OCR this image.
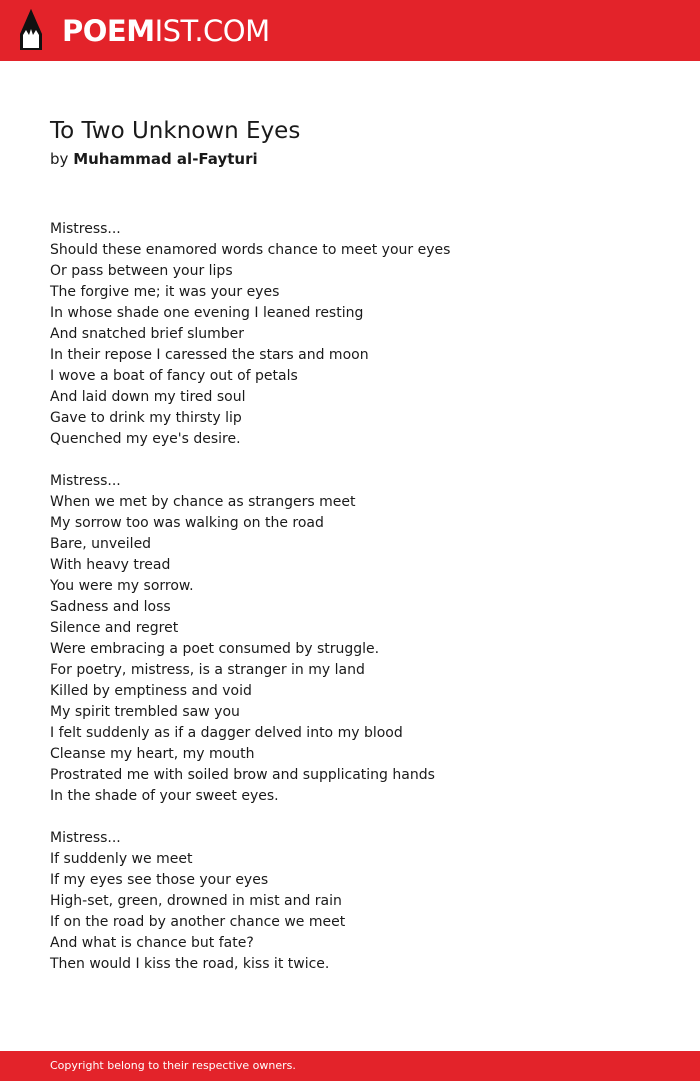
POEMIST.COM
To Two Unknown Eyes
by Muhammad al-Fayturi
Mistress...
Should these enamored words chance to meet your eyes
Or pass between your lips
The forgive me; it was your eyes
In whose shade one evening I leaned resting
And snatched brief slumber
In their repose I caressed the stars and moon
I wove a boat of fancy out of petals
And laid down my tired soul
Gave to drink my thirsty lip
Quenched my eye's desire.
Mistress...
When we met by chance as strangers meet
My sorrow too was walking on the road
Bare, unveiled
With heavy tread
You were my sorrow.
Sadness and loss
Silence and regret
Were embracing a poet consumed by struggle.
For poetry, mistress, is a stranger in my land
Killed by emptiness and void
My spirit trembled saw you
I felt suddenly as if a dagger delved into my blood
Cleanse my heart, my mouth
Prostrated me with soiled brow and supplicating hands
In the shade of your sweet eyes.
Mistress...
If suddenly we meet
If my eyes see those your eyes
High-set, green, drowned in mist and rain
If on the road by another chance we meet
And what is chance but fate?
Then would I kiss the road, kiss it twice.
Copyright belong to their respective owners.
